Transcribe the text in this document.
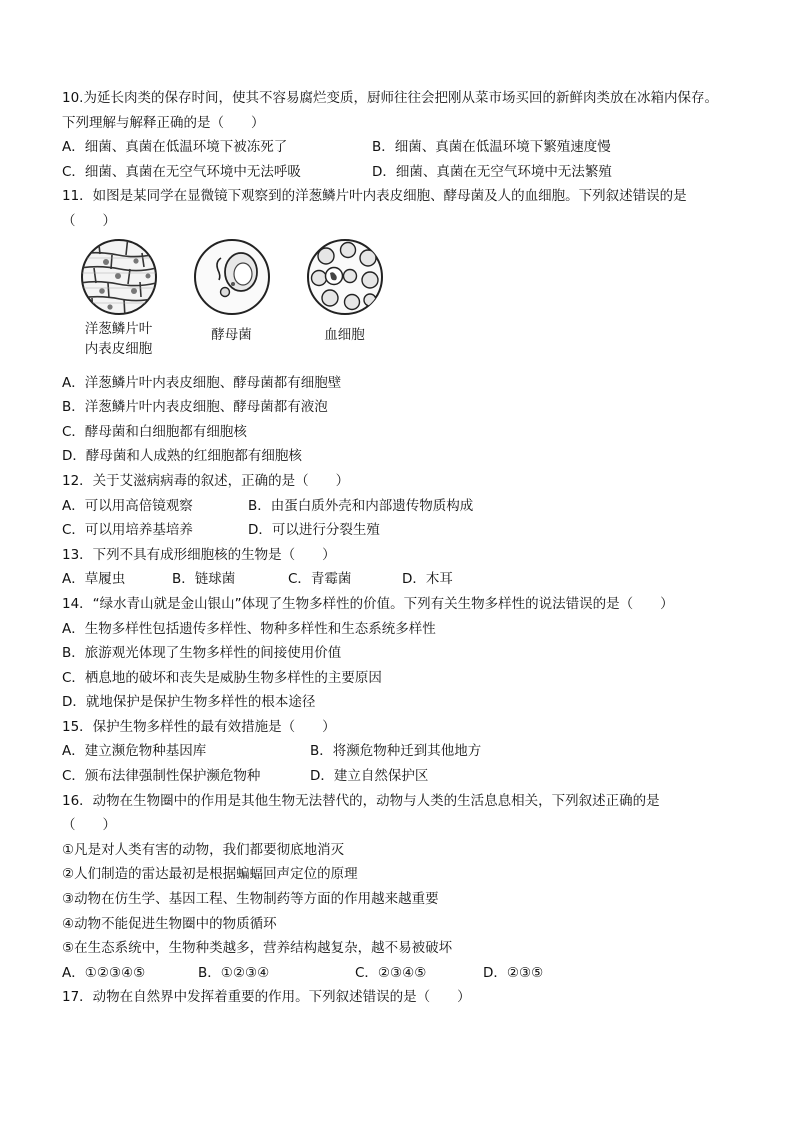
10.为延长肉类的保存时间，使其不容易腐烂变质，厨师往往会把刚从菜市场买回的新鲜肉类放在冰箱内保存。
下列理解与解释正确的是（　　）
A．细菌、真菌在低温环境下被冻死了	B．细菌、真菌在低温环境下繁殖速度慢
C．细菌、真菌在无空气环境中无法呼吸	D．细菌、真菌在无空气环境中无法繁殖
11．如图是某同学在显微镜下观察到的洋葱鳞片叶内表皮细胞、酵母菌及人的血细胞。下列叙述错误的是
（　　）
洋葱鳞片叶
内表皮细胞
酵母菌	血细胞
A．洋葱鳞片叶内表皮细胞、酵母菌都有细胞壁
B．洋葱鳞片叶内表皮细胞、酵母菌都有液泡
C．酵母菌和白细胞都有细胞核
D．酵母菌和人成熟的红细胞都有细胞核
12．关于艾滋病病毒的叙述，正确的是（　　）
A．可以用高倍镜观察	B．由蛋白质外壳和内部遗传物质构成
C．可以用培养基培养	D．可以进行分裂生殖
13．下列不具有成形细胞核的生物是（　　）
A．草履虫	B．链球菌	C．青霉菌	D．木耳
14．“绿水青山就是金山银山”体现了生物多样性的价值。下列有关生物多样性的说法错误的是（　　）
A．生物多样性包括遗传多样性、物种多样性和生态系统多样性
B．旅游观光体现了生物多样性的间接使用价值
C．栖息地的破坏和丧失是威胁生物多样性的主要原因
D．就地保护是保护生物多样性的根本途径
15．保护生物多样性的最有效措施是（　　）
A．建立濒危物种基因库	B．将濒危物种迁到其他地方
C．颁布法律强制性保护濒危物种	D．建立自然保护区
16．动物在生物圈中的作用是其他生物无法替代的，动物与人类的生活息息相关，下列叙述正确的是
（　　）
①凡是对人类有害的动物，我们都要彻底地消灭
②人们制造的雷达最初是根据蝙蝠回声定位的原理
③动物在仿生学、基因工程、生物制药等方面的作用越来越重要
④动物不能促进生物圈中的物质循环
⑤在生态系统中，生物种类越多，营养结构越复杂，越不易被破坏
A．①②③④⑤	B．①②③④	C．②③④⑤	D．②③⑤
17．动物在自然界中发挥着重要的作用。下列叙述错误的是（　　）
